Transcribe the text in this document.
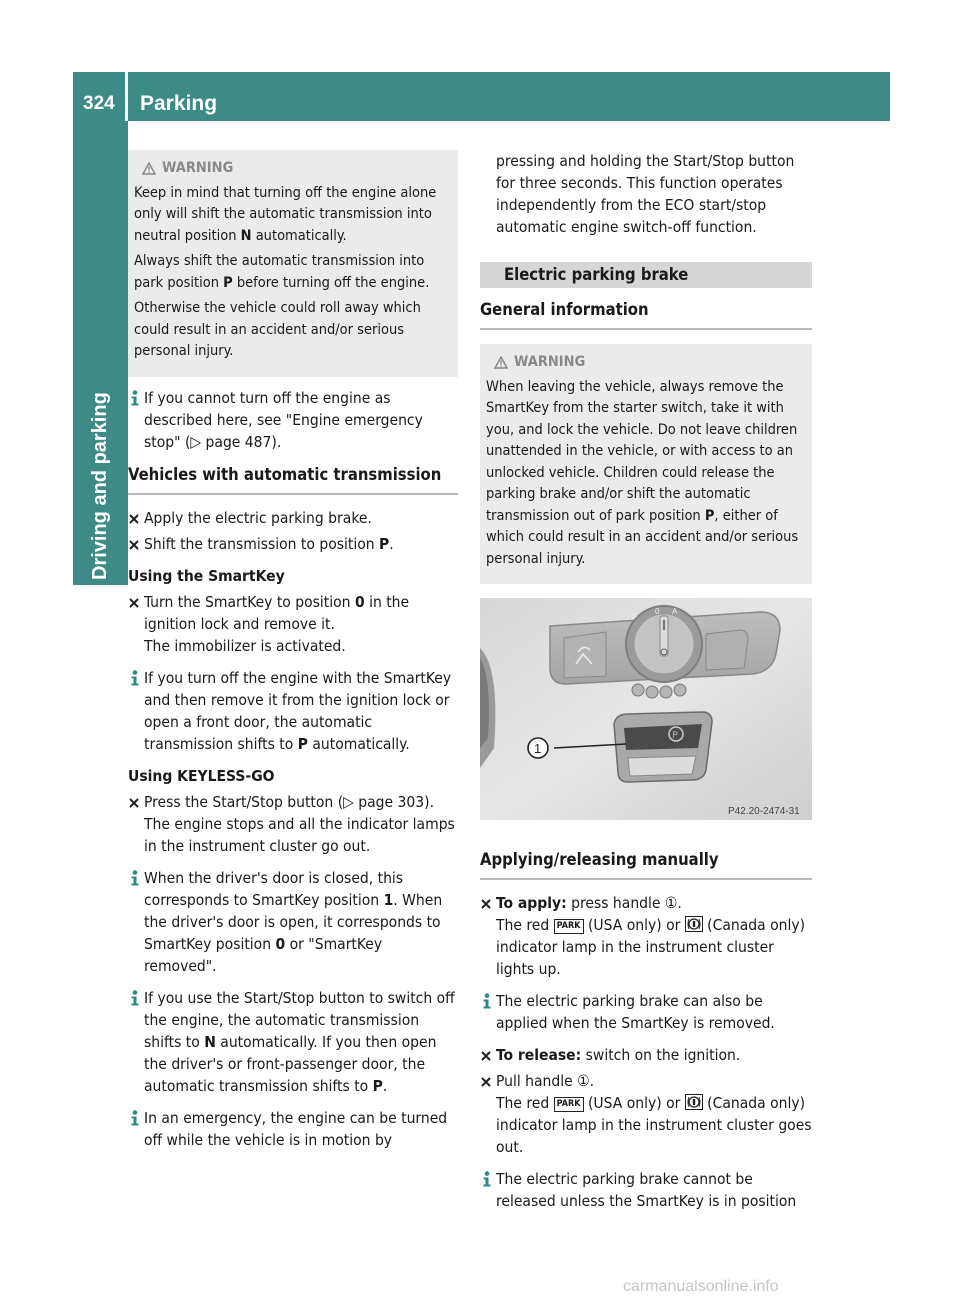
324	Parking
Driving and parking
WARNING

Keep in mind that turning off the engine alone only will shift the automatic transmission into neutral position N automatically.

Always shift the automatic transmission into park position P before turning off the engine.

Otherwise the vehicle could roll away which could result in an accident and/or serious personal injury.

If you cannot turn off the engine as described here, see "Engine emergency stop" (▷ page 487).
Vehicles with automatic transmission
Apply the electric parking brake.
Shift the transmission to position P.
Using the SmartKey
Turn the SmartKey to position 0 in the ignition lock and remove it.
The immobilizer is activated.
If you turn off the engine with the SmartKey and then remove it from the ignition lock or open a front door, the automatic transmission shifts to P automatically.
Using KEYLESS-GO
Press the Start/Stop button (▷ page 303).
The engine stops and all the indicator lamps in the instrument cluster go out.
When the driver's door is closed, this corresponds to SmartKey position 1. When the driver's door is open, it corresponds to SmartKey position 0 or "SmartKey removed".
If you use the Start/Stop button to switch off the engine, the automatic transmission shifts to N automatically. If you then open the driver's or front-passenger door, the automatic transmission shifts to P.
In an emergency, the engine can be turned off while the vehicle is in motion by
pressing and holding the Start/Stop button for three seconds. This function operates independently from the ECO start/stop automatic engine switch-off function.
Electric parking brake
General information
WARNING

When leaving the vehicle, always remove the SmartKey from the starter switch, take it with you, and lock the vehicle. Do not leave children unattended in the vehicle, or with access to an unlocked vehicle. Children could release the parking brake and/or shift the automatic transmission out of park position P, either of which could result in an accident and/or serious personal injury.

P
0 A
P
1
P42.20-2474-31
Applying/releasing manually
To apply: press handle ①.
The red PARK (USA only) or  (Canada only) indicator lamp in the instrument cluster lights up.
The electric parking brake can also be applied when the SmartKey is removed.
To release: switch on the ignition.
Pull handle ①.
The red PARK (USA only) or  (Canada only) indicator lamp in the instrument cluster goes out.
The electric parking brake cannot be released unless the SmartKey is in position
carmanualsonline.info
